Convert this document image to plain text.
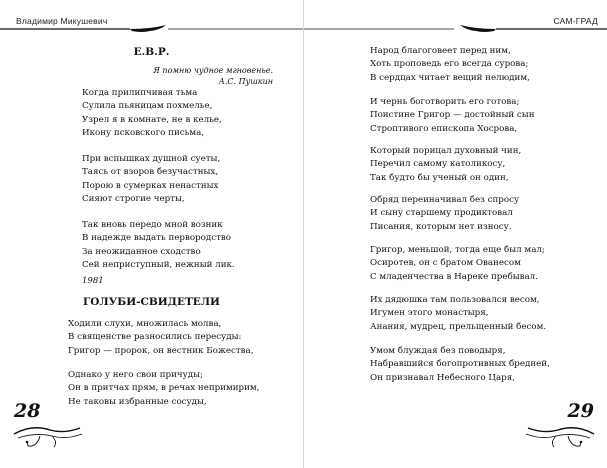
Владимир Микушевич
Е.В.Р.
Я помню чудное мгновенье.
А.С. Пушкин
Когда прилипчивая тьма
Сулила пьяницам похмелье,
Узрел я в комнате, не в келье,
Икону псковского письма,
При вспышках душной суеты,
Таясь от взоров безучастных,
Порою в сумерках ненастных
Сияют строгие черты,
Так вновь передо мной возник
В надежде выдать первородство
За неожиданное сходство
Сей неприступный, нежный лик.
1981
ГОЛУБИ-СВИДЕТЕЛИ
Ходили слухи, множилась молва,
В священстве разносились пересуды:
Григор — пророк, он вестник Божества,
Однако у него свои причуды;
Он в притчах прям, в речах непримирим,
Не таковы избранные сосуды,
28
САМ-ГРАД
Народ благоговеет перед ним,
Хоть проповедь его всегда сурова;
В сердцах читает вещий нелюдим,
И чернь боготворить его готова;
Поистине Григор — достойный сын
Строптивого епископа Хосрова,
Который порицал духовный чин,
Перечил самому католикосу,
Так будто бы ученый он один,
Обряд переиначивал без спросу
И сыну старшему продиктовал
Писания, которым нет износу.
Григор, меньшой, тогда еще был мал;
Осиротев, он с братом Ованесом
С младенчества в Нареке пребывал.
Их дядюшка там пользовался весом,
Игумен этого монастыря,
Анания, мудрец, прельщенный бесом.
Умом блуждая без поводыря,
Набравшийся богопротивных бредней,
Он признавал Небесного Царя,
29
